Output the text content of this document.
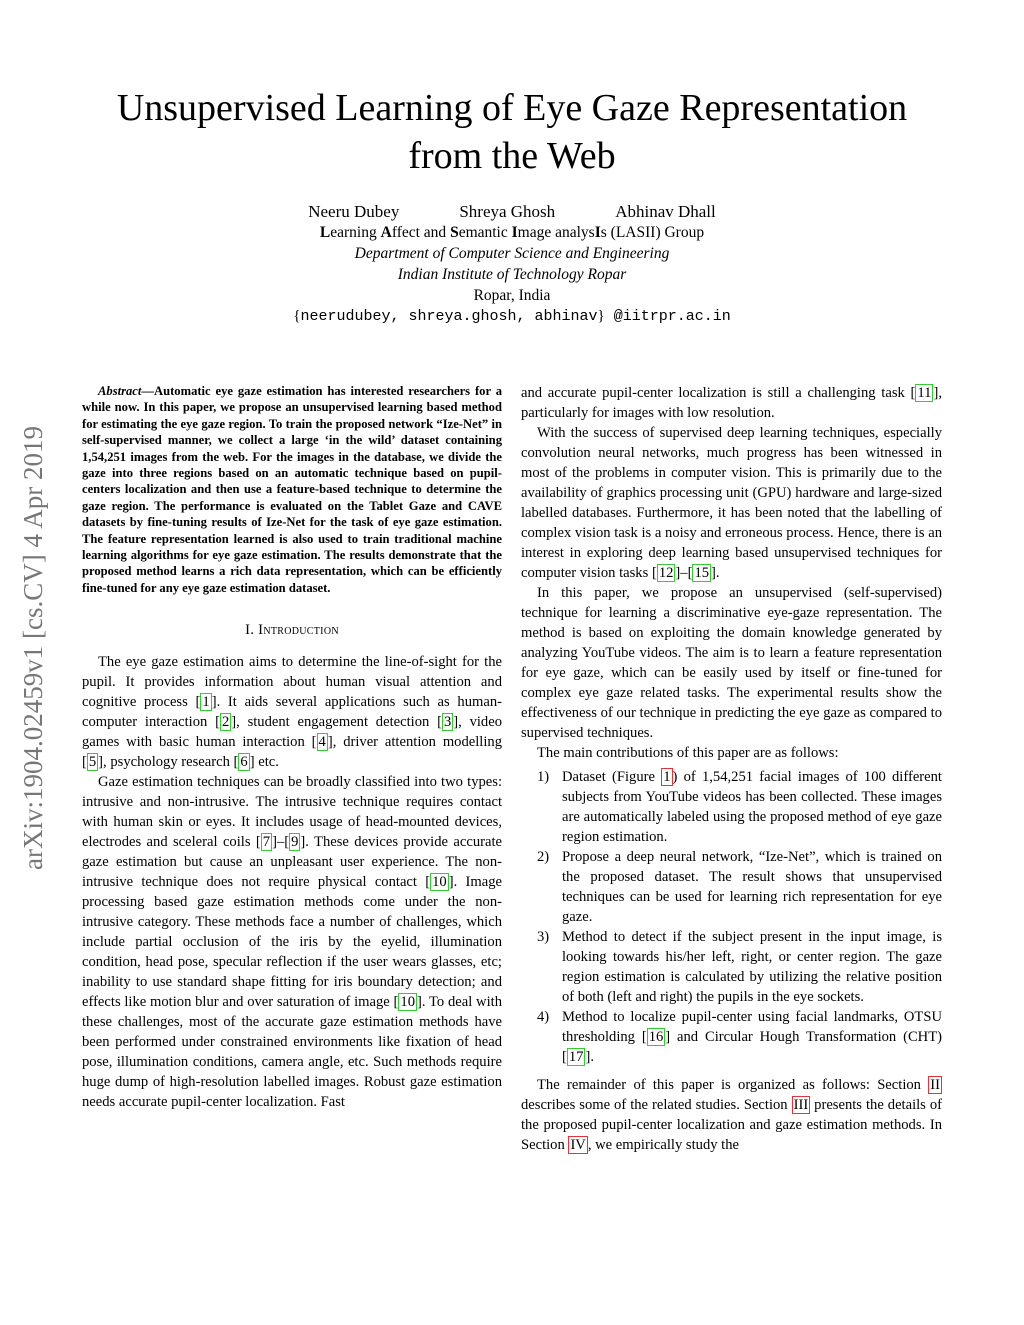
arXiv:1904.02459v1 [cs.CV] 4 Apr 2019
Unsupervised Learning of Eye Gaze Representation
from the Web
Neeru Dubey	Shreya Ghosh	Abhinav Dhall
Learning Affect and Semantic Image analysIs (LASII) Group
Department of Computer Science and Engineering
Indian Institute of Technology Ropar
Ropar, India
{neerudubey, shreya.ghosh, abhinav} @iitrpr.ac.in

Abstract—Automatic eye gaze estimation has interested researchers for a while now. In this paper, we propose an unsupervised learning based method for estimating the eye gaze region. To train the proposed network “Ize-Net” in self-supervised manner, we collect a large ‘in the wild’ dataset containing 1,54,251 images from the web. For the images in the database, we divide the gaze into three regions based on an automatic technique based on pupil-centers localization and then use a feature-based technique to determine the gaze region. The performance is evaluated on the Tablet Gaze and CAVE datasets by fine-tuning results of Ize-Net for the task of eye gaze estimation. The feature representation learned is also used to train traditional machine learning algorithms for eye gaze estimation. The results demonstrate that the proposed method learns a rich data representation, which can be efficiently fine-tuned for any eye gaze estimation dataset.

I. Introduction

The eye gaze estimation aims to determine the line-of-sight for the pupil. It provides information about human visual attention and cognitive process [ 1 ]. It aids several applications such as human-computer interaction [ 2 ], student engagement detection [ 3 ], video games with basic human interaction [ 4 ], driver attention modelling [ 5 ], psychology research [ 6 ] etc.

Gaze estimation techniques can be broadly classified into two types: intrusive and non-intrusive. The intrusive technique requires contact with human skin or eyes. It includes usage of head-mounted devices, electrodes and sceleral coils [ 7 ]–[ 9 ]. These devices provide accurate gaze estimation but cause an unpleasant user experience. The non-intrusive technique does not require physical contact [ 10 ]. Image processing based gaze estimation methods come under the non-intrusive category. These methods face a number of challenges, which include partial occlusion of the iris by the eyelid, illumination condition, head pose, specular reflection if the user wears glasses, etc; inability to use standard shape fitting for iris boundary detection; and effects like motion blur and over saturation of image [ 10 ]. To deal with these challenges, most of the accurate gaze estimation methods have been performed under constrained environments like fixation of head pose, illumination conditions, camera angle, etc. Such methods require huge dump of high-resolution labelled images. Robust gaze estimation needs accurate pupil-center localization. Fast

and accurate pupil-center localization is still a challenging task [ 11 ], particularly for images with low resolution.

With the success of supervised deep learning techniques, especially convolution neural networks, much progress has been witnessed in most of the problems in computer vision. This is primarily due to the availability of graphics processing unit (GPU) hardware and large-sized labelled databases. Furthermore, it has been noted that the labelling of complex vision task is a noisy and erroneous process. Hence, there is an interest in exploring deep learning based unsupervised techniques for computer vision tasks [ 12 ]–[ 15 ].

In this paper, we propose an unsupervised (self-supervised) technique for learning a discriminative eye-gaze representation. The method is based on exploiting the domain knowledge generated by analyzing YouTube videos. The aim is to learn a feature representation for eye gaze, which can be easily used by itself or fine-tuned for complex eye gaze related tasks. The experimental results show the effectiveness of our technique in predicting the eye gaze as compared to supervised techniques.

The main contributions of this paper are as follows:

1) Dataset (Figure 1 ) of 1,54,251 facial images of 100 different subjects from YouTube videos has been collected. These images are automatically labeled using the proposed method of eye gaze region estimation.
2) Propose a deep neural network, “Ize-Net”, which is trained on the proposed dataset. The result shows that unsupervised techniques can be used for learning rich representation for eye gaze.
3) Method to detect if the subject present in the input image, is looking towards his/her left, right, or center region. The gaze region estimation is calculated by utilizing the relative position of both (left and right) the pupils in the eye sockets.
4) Method to localize pupil-center using facial landmarks, OTSU thresholding [ 16 ] and Circular Hough Transformation (CHT) [ 17 ].

The remainder of this paper is organized as follows: Section II describes some of the related studies. Section III presents the details of the proposed pupil-center localization and gaze estimation methods. In Section IV , we empirically study the
